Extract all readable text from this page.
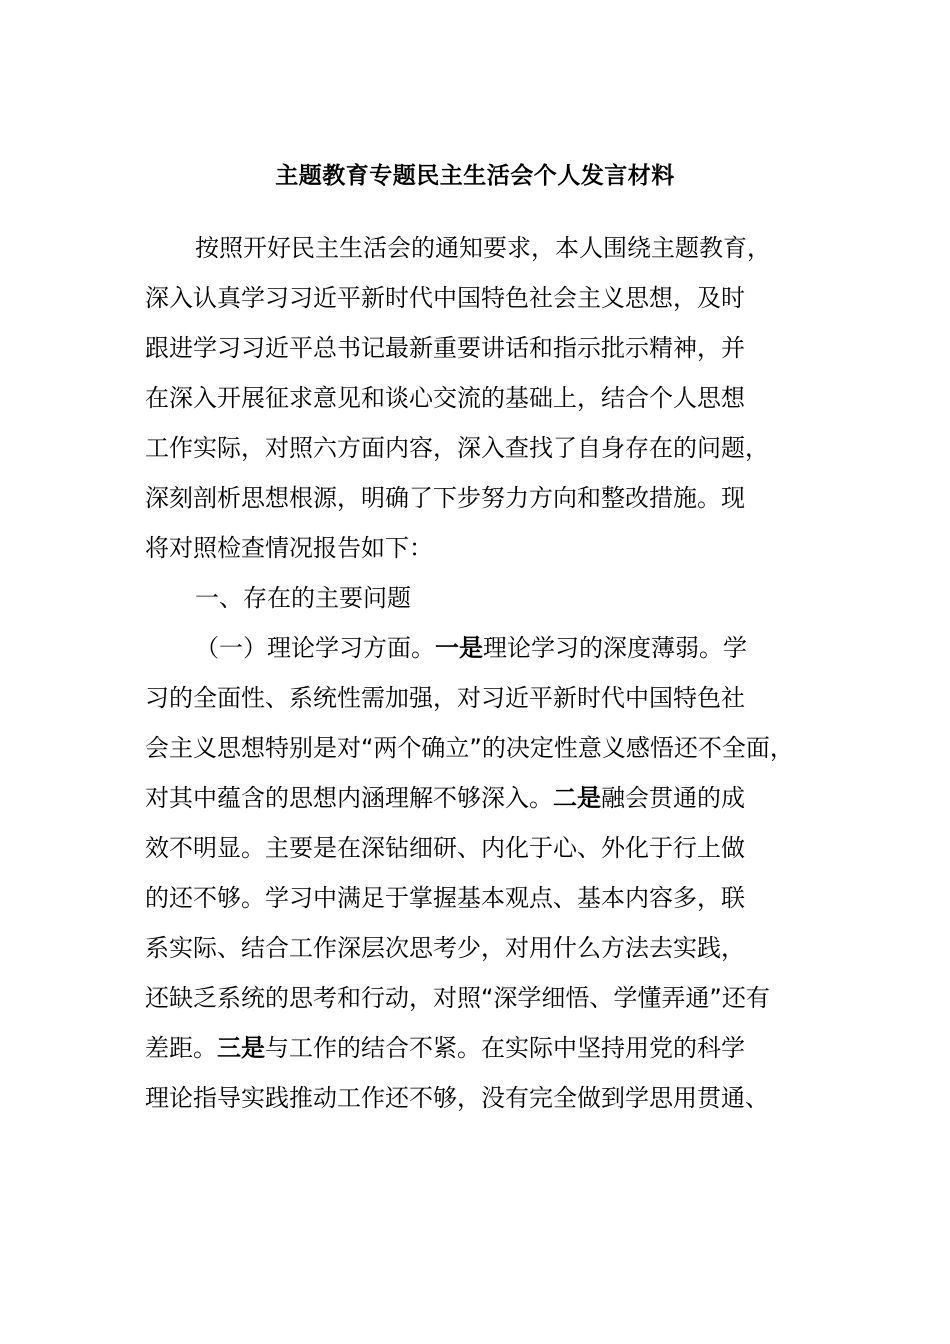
主题教育专题民主生活会个人发言材料
按照开好民主生活会的通知要求，本人围绕主题教育，
深入认真学习习近平新时代中国特色社会主义思想，及时
跟进学习习近平总书记最新重要讲话和指示批示精神，并
在深入开展征求意见和谈心交流的基础上，结合个人思想
工作实际，对照六方面内容，深入查找了自身存在的问题，
深刻剖析思想根源，明确了下步努力方向和整改措施。现
将对照检查情况报告如下：
一、存在的主要问题
（一）理论学习方面。一是理论学习的深度薄弱。学
习的全面性、系统性需加强，对习近平新时代中国特色社
会主义思想特别是对“两个确立”的决定性意义感悟还不全面，
对其中蕴含的思想内涵理解不够深入。二是融会贯通的成
效不明显。主要是在深钻细研、内化于心、外化于行上做
的还不够。学习中满足于掌握基本观点、基本内容多，联
系实际、结合工作深层次思考少，对用什么方法去实践，
还缺乏系统的思考和行动，对照“深学细悟、学懂弄通”还有
差距。三是与工作的结合不紧。在实际中坚持用党的科学
理论指导实践推动工作还不够，没有完全做到学思用贯通、
